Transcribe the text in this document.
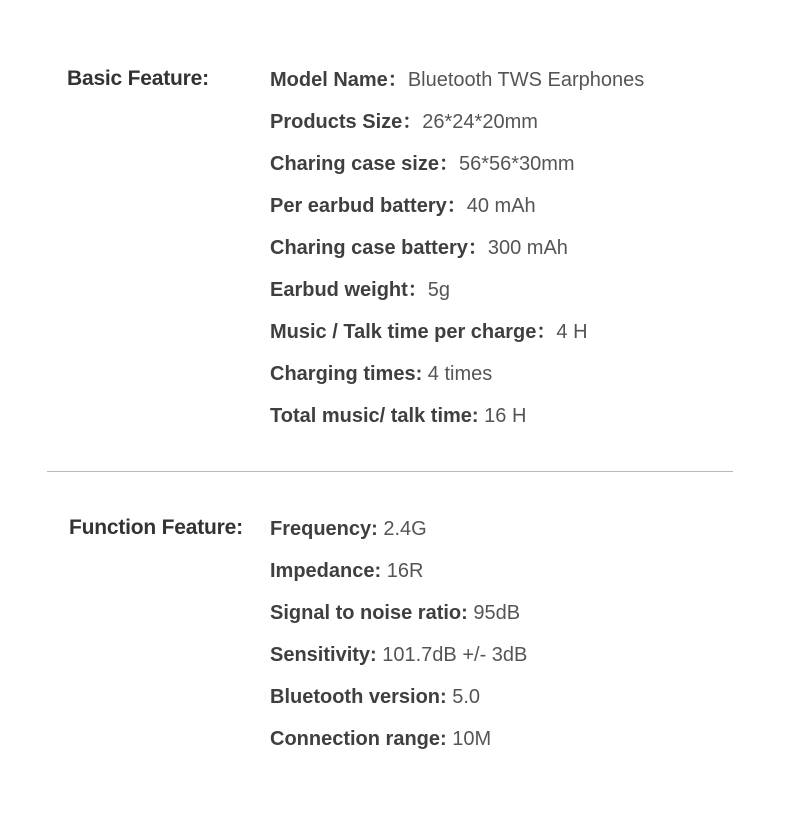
Basic Feature:	Model Name：Bluetooth TWS Earphones
Products Size：26*24*20mm
Charing case size：56*56*30mm
Per earbud battery：40 mAh
Charing case battery：300 mAh
Earbud weight：5g
Music / Talk time per charge：4 H
Charging times: 4 times
Total music/ talk time: 16 H
Function Feature: Frequency: 2.4G
Impedance: 16R
Signal to noise ratio: 95dB
Sensitivity: 101.7dB +/- 3dB
Bluetooth version: 5.0
Connection range: 10M
